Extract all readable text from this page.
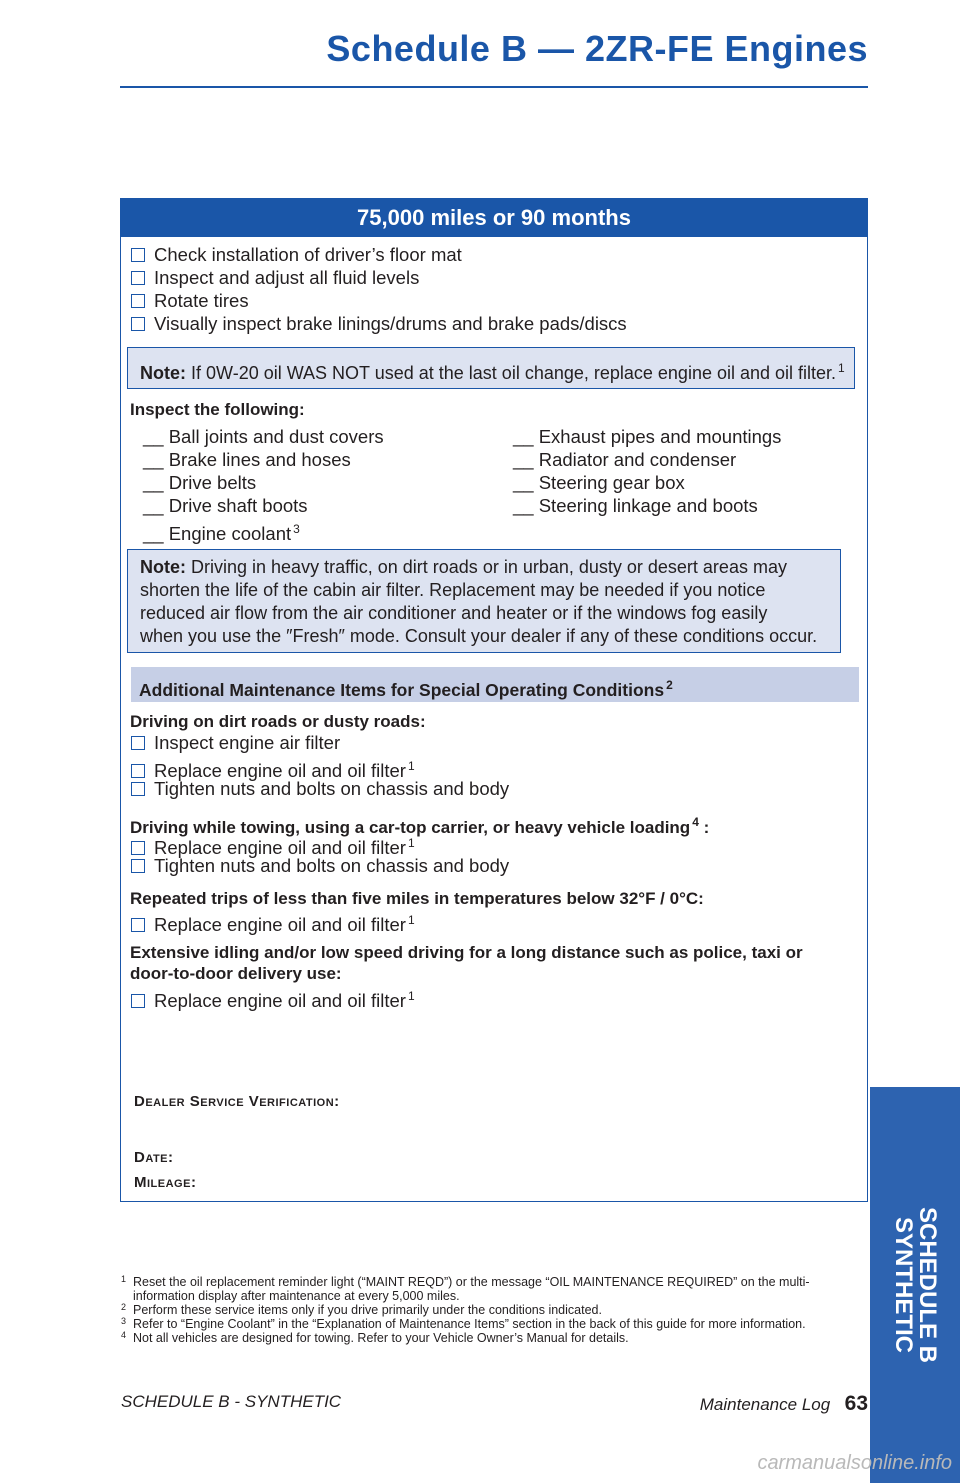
Schedule B — 2ZR-FE Engines
75,000 miles or 90 months
Check installation of driver’s floor mat
Inspect and adjust all fluid levels
Rotate tires
Visually inspect brake linings/drums and brake pads/discs
Note: If 0W-20 oil WAS NOT used at the last oil change, replace engine oil and oil filter. $^1$
Inspect the following:
__ Ball joints and dust covers
__ Brake lines and hoses
__ Drive belts
__ Drive shaft boots
__ Engine coolant $^3$
__ Exhaust pipes and mountings
__ Radiator and condenser
__ Steering gear box
__ Steering linkage and boots
Note: Driving in heavy traffic, on dirt roads or in urban, dusty or desert areas may
shorten the life of the cabin air filter. Replacement may be needed if you notice
reduced air flow from the air conditioner and heater or if the windows fog easily
when you use the ″Fresh″ mode. Consult your dealer if any of these conditions occur.
Additional Maintenance Items for Special Operating Conditions $^2$
Driving on dirt roads or dusty roads:
Inspect engine air filter
Replace engine oil and oil filter $^1$
Tighten nuts and bolts on chassis and body
Driving while towing, using a car-top carrier, or heavy vehicle loading $^4$ :
Replace engine oil and oil filter $^1$
Tighten nuts and bolts on chassis and body
Repeated trips of less than five miles in temperatures below 32°F / 0°C:
Replace engine oil and oil filter $^1$
Extensive idling and/or low speed driving for a long distance such as police, taxi or
door-to-door delivery use:
Replace engine oil and oil filter $^1$
Dealer Service Verification:
Date:
Mileage:
1 Reset the oil replacement reminder light (“MAINT REQD”) or the message “OIL MAINTENANCE REQUIRED” on the multi-information display after maintenance at every 5,000 miles.
2 Perform these service items only if you drive primarily under the conditions indicated.
3 Refer to “Engine Coolant” in the “Explanation of Maintenance Items” section in the back of this guide for more information.
4 Not all vehicles are designed for towing. Refer to your Vehicle Owner’s Manual for details.	SCHEDULE B
SYNTHETIC
SCHEDULE B - SYNTHETIC	Maintenance Log 63
carmanualsonline.info
